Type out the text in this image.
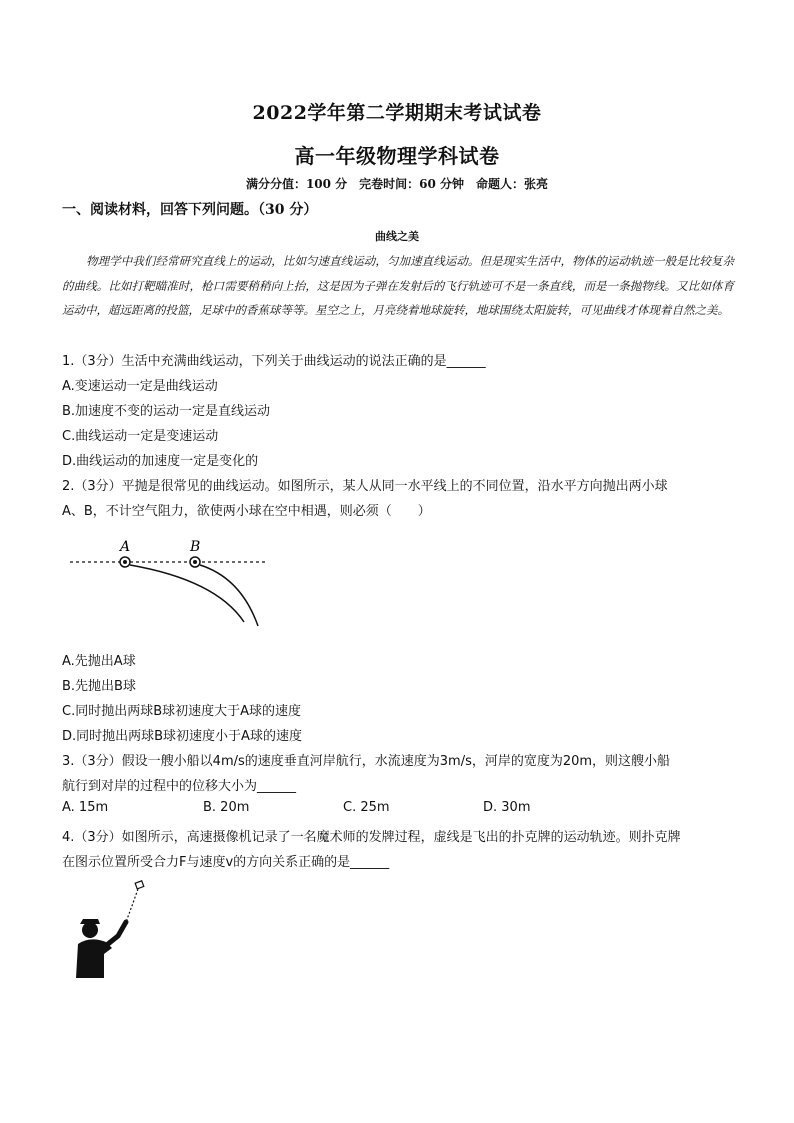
2022学年第二学期期末考试试卷
高一年级物理学科试卷
满分分值：100 分　完卷时间：60 分钟　命题人：张亮
一、阅读材料，回答下列问题。（30 分）
曲线之美
物理学中我们经常研究直线上的运动，比如匀速直线运动，匀加速直线运动。但是现实生活中，物体的运动轨迹一般是比较复杂的曲线。比如打靶瞄准时，枪口需要稍稍向上抬，这是因为子弹在发射后的飞行轨迹可不是一条直线，而是一条抛物线。又比如体育运动中，超远距离的投篮，足球中的香蕉球等等。星空之上，月亮绕着地球旋转，地球围绕太阳旋转，可见曲线才体现着自然之美。
1.（3分）生活中充满曲线运动，下列关于曲线运动的说法正确的是______
A.变速运动一定是曲线运动
B.加速度不变的运动一定是直线运动
C.曲线运动一定是变速运动
D.曲线运动的加速度一定是变化的
2.（3分）平抛是很常见的曲线运动。如图所示，某人从同一水平线上的不同位置，沿水平方向抛出两小球
A、B，不计空气阻力，欲使两小球在空中相遇，则必须（　　）
A	B
A.先抛出A球
B.先抛出B球
C.同时抛出两球B球初速度大于A球的速度
D.同时抛出两球B球初速度小于A球的速度
3.（3分）假设一艘小船以4m/s的速度垂直河岸航行，水流速度为3m/s，河岸的宽度为20m，则这艘小船
航行到对岸的过程中的位移大小为______
A. 15m	B. 20m	C. 25m	D. 30m
4.（3分）如图所示，高速摄像机记录了一名魔术师的发牌过程，虚线是飞出的扑克牌的运动轨迹。则扑克牌
在图示位置所受合力F与速度v的方向关系正确的是______
